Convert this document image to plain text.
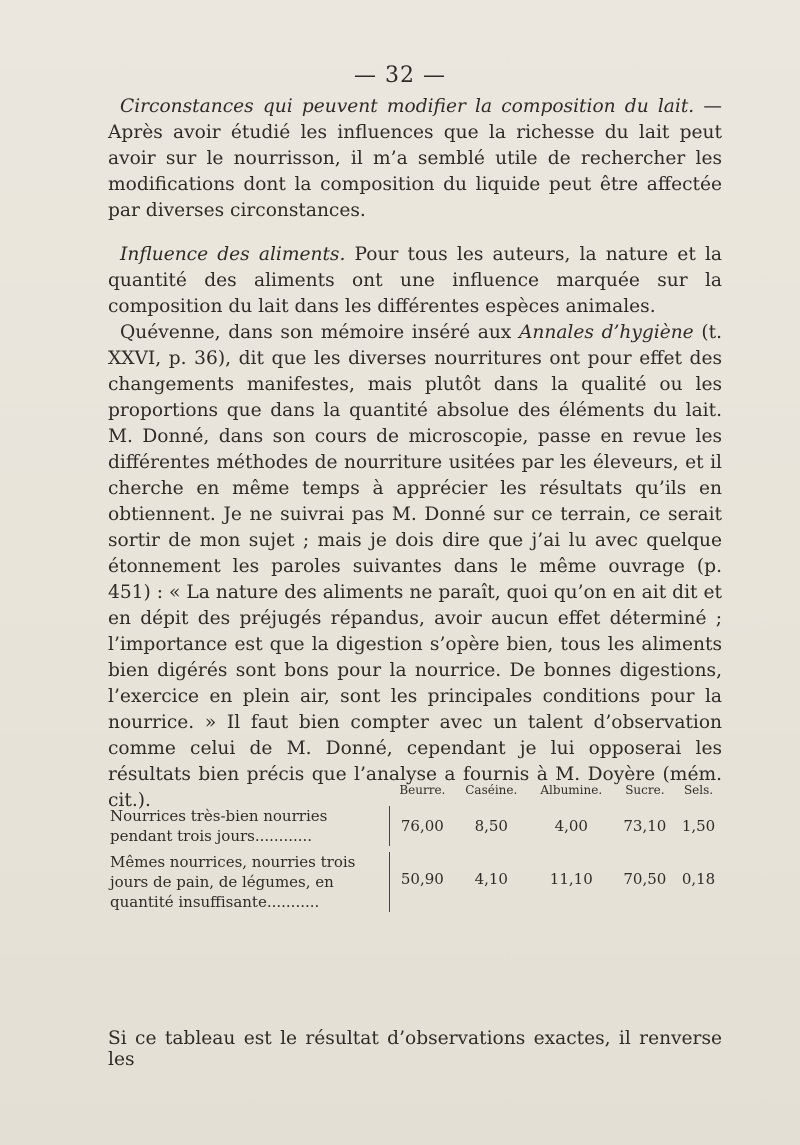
— 32 —

Circonstances qui peuvent modifier la composition du lait. — Après avoir étudié les influences que la richesse du lait peut avoir sur le nourrisson, il m’a semblé utile de rechercher les modifications dont la composition du liquide peut être affectée par diverses circonstances.

Influence des aliments. Pour tous les auteurs, la nature et la quantité des aliments ont une influence marquée sur la composition du lait dans les différentes espèces animales.

Quévenne, dans son mémoire inséré aux Annales d’hygiène (t. XXVI, p. 36), dit que les diverses nourritures ont pour effet des changements manifestes, mais plutôt dans la qualité ou les proportions que dans la quantité absolue des éléments du lait. M. Donné, dans son cours de microscopie, passe en revue les différentes méthodes de nourriture usitées par les éleveurs, et il cherche en même temps à apprécier les résultats qu’ils en obtiennent. Je ne suivrai pas M. Donné sur ce terrain, ce serait sortir de mon sujet ; mais je dois dire que j’ai lu avec quelque étonnement les paroles suivantes dans le même ouvrage (p. 451) : « La nature des aliments ne paraît, quoi qu’on en ait dit et en dépit des préjugés répandus, avoir aucun effet déterminé ; l’importance est que la digestion s’opère bien, tous les aliments bien digérés sont bons pour la nourrice. De bonnes digestions, l’exercice en plein air, sont les principales conditions pour la nourrice. » Il faut bien compter avec un talent d’observation comme celui de M. Donné, cependant je lui opposerai les résultats bien précis que l’analyse a fournis à M. Doyère (mém. cit.).

		Beurre.	Caséine.	Albumine.	Sucre.	Sels.

Nourrices très-bien nourries pendant trois jours............	76,00	8,50	4,00	73,10	1,50

Mêmes nourrices, nourries trois jours de pain, de légumes, en quantité insuffisante...........	50,90	4,10	11,10	70,50	0,18
Si ce tableau est le résultat d’observations exactes, il renverse les
